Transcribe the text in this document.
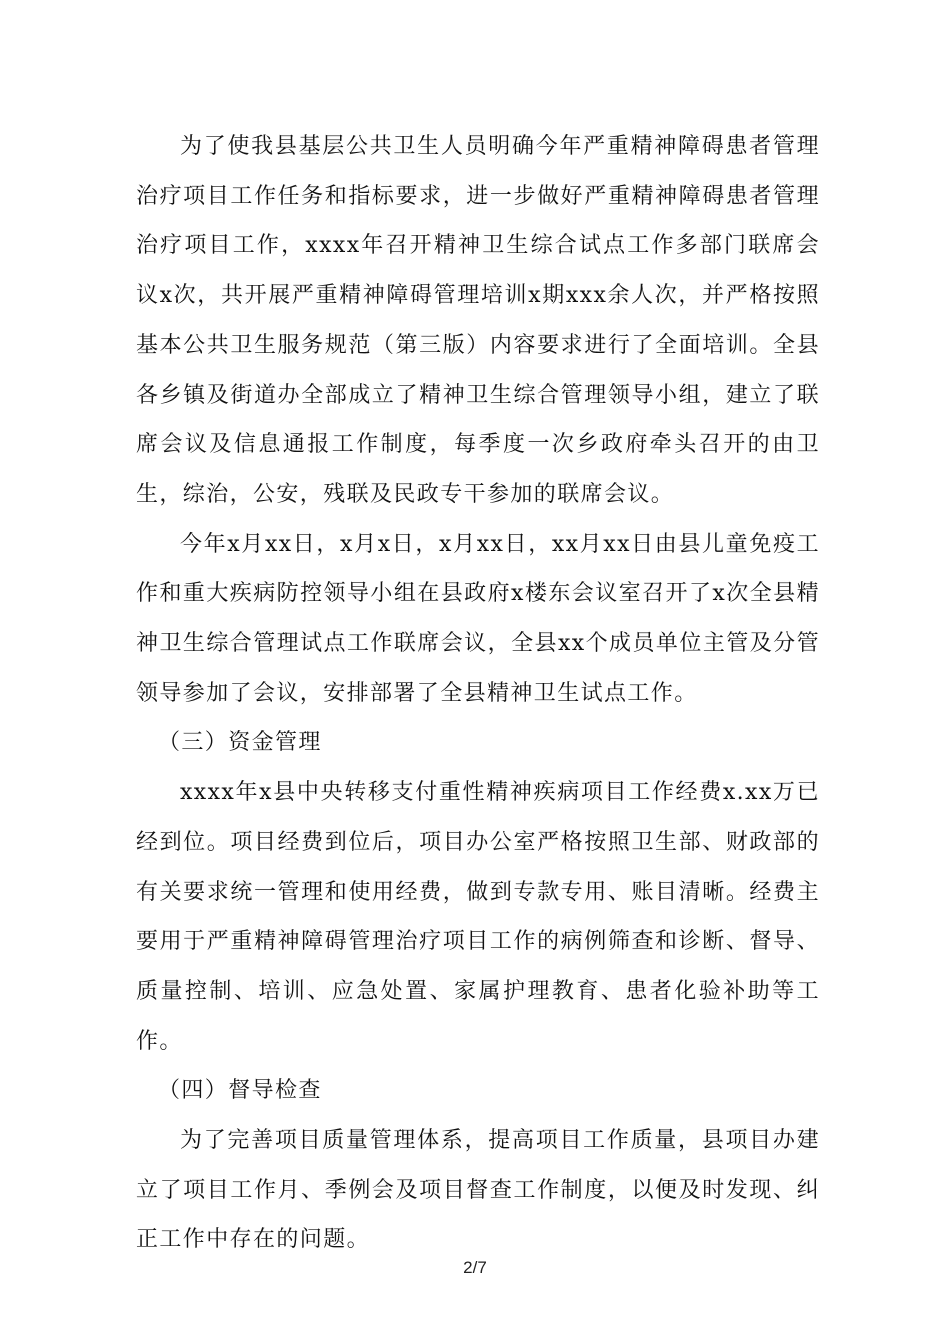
为了使我县基层公共卫生人员明确今年严重精神障碍患者管理治疗项目工作任务和指标要求，进一步做好严重精神障碍患者管理治疗项目工作，xxxx年召开精神卫生综合试点工作多部门联席会议x次，共开展严重精神障碍管理培训x期xxx余人次，并严格按照基本公共卫生服务规范（第三版）内容要求进行了全面培训。全县各乡镇及街道办全部成立了精神卫生综合管理领导小组，建立了联席会议及信息通报工作制度，每季度一次乡政府牵头召开的由卫生，综治，公安，残联及民政专干参加的联席会议。

今年x月xx日，x月x日，x月xx日，xx月xx日由县儿童免疫工作和重大疾病防控领导小组在县政府x楼东会议室召开了x次全县精神卫生综合管理试点工作联席会议，全县xx个成员单位主管及分管领导参加了会议，安排部署了全县精神卫生试点工作。

（三）资金管理

xxxx年x县中央转移支付重性精神疾病项目工作经费x.xx万已经到位。项目经费到位后，项目办公室严格按照卫生部、财政部的有关要求统一管理和使用经费，做到专款专用、账目清晰。经费主要用于严重精神障碍管理治疗项目工作的病例筛查和诊断、督导、质量控制、培训、应急处置、家属护理教育、患者化验补助等工作。

（四）督导检查

为了完善项目质量管理体系，提高项目工作质量，县项目办建立了项目工作月、季例会及项目督查工作制度，以便及时发现、纠正工作中存在的问题。

2/7
